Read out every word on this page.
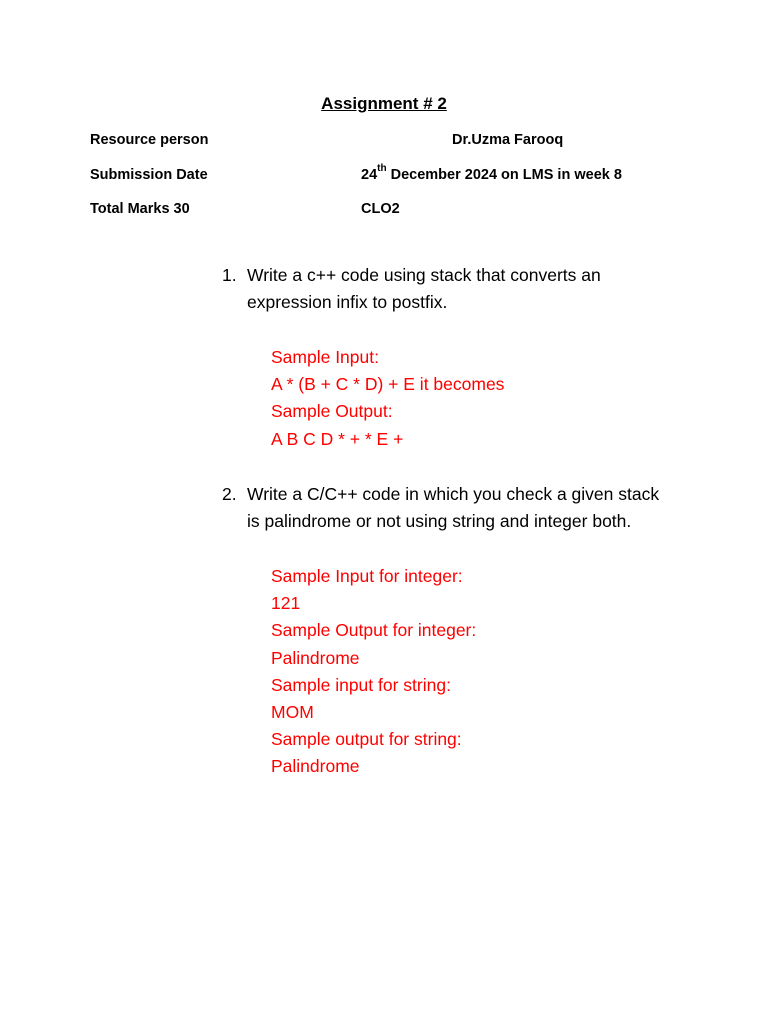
Assignment # 2
Resource person	Dr.Uzma Farooq
Submission Date	24th December 2024 on LMS in week 8
Total Marks 30	CLO2
1. Write a c++ code using stack that converts an
expression infix to postfix.
Sample Input:
A * (B + C * D) + E it becomes
Sample Output:
A B C D * + * E +
2. Write a C/C++ code in which you check a given stack
is palindrome or not using string and integer both.
Sample Input for integer:
121
Sample Output for integer:
Palindrome
Sample input for string:
MOM
Sample output for string:
Palindrome
